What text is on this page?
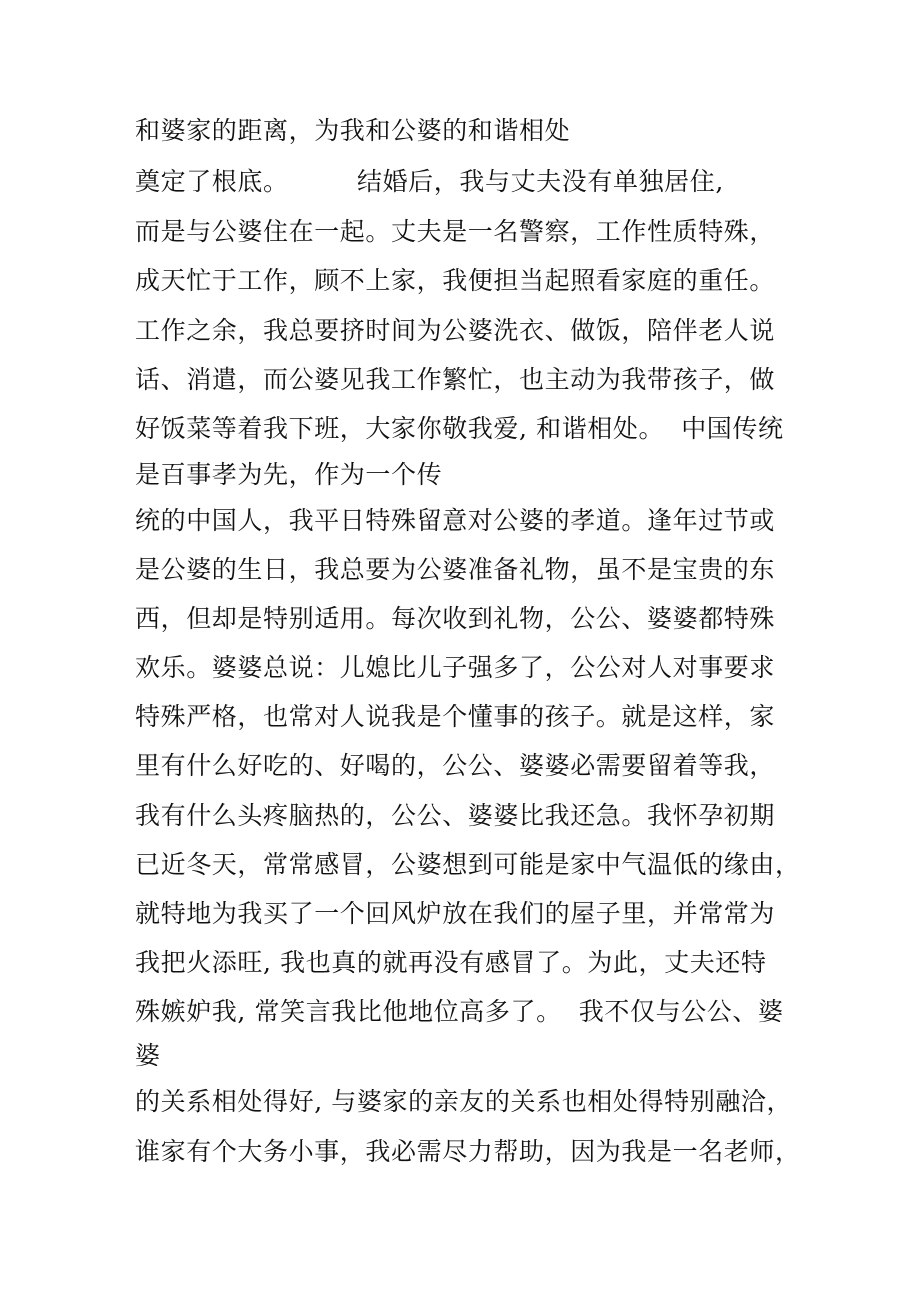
和婆家的距离，为我和公婆的和谐相处
奠定了根底。        结婚后，我与丈夫没有单独居住,
而是与公婆住在一起。丈夫是一名警察，工作性质特殊，
成天忙于工作，顾不上家，我便担当起照看家庭的重任。
工作之余，我总要挤时间为公婆洗衣、做饭，陪伴老人说
话、消遣，而公婆见我工作繁忙，也主动为我带孩子，做
好饭菜等着我下班，大家你敬我爱, 和谐相处。  中国传统
是百事孝为先，作为一个传
统的中国人，我平日特殊留意对公婆的孝道。逢年过节或
是公婆的生日，我总要为公婆准备礼物，虽不是宝贵的东
西，但却是特别适用。每次收到礼物，公公、婆婆都特殊
欢乐。婆婆总说：儿媳比儿子强多了，公公对人对事要求
特殊严格，也常对人说我是个懂事的孩子。就是这样，家
里有什么好吃的、好喝的，公公、婆婆必需要留着等我，
我有什么头疼脑热的，公公、婆婆比我还急。我怀孕初期
已近冬天，常常感冒，公婆想到可能是家中气温低的缘由，
就特地为我买了一个回风炉放在我们的屋子里，并常常为
我把火添旺, 我也真的就再没有感冒了。为此，丈夫还特
殊嫉妒我, 常笑言我比他地位高多了。  我不仅与公公、婆
婆
的关系相处得好, 与婆家的亲友的关系也相处得特别融洽，
谁家有个大务小事，我必需尽力帮助，因为我是一名老师，
